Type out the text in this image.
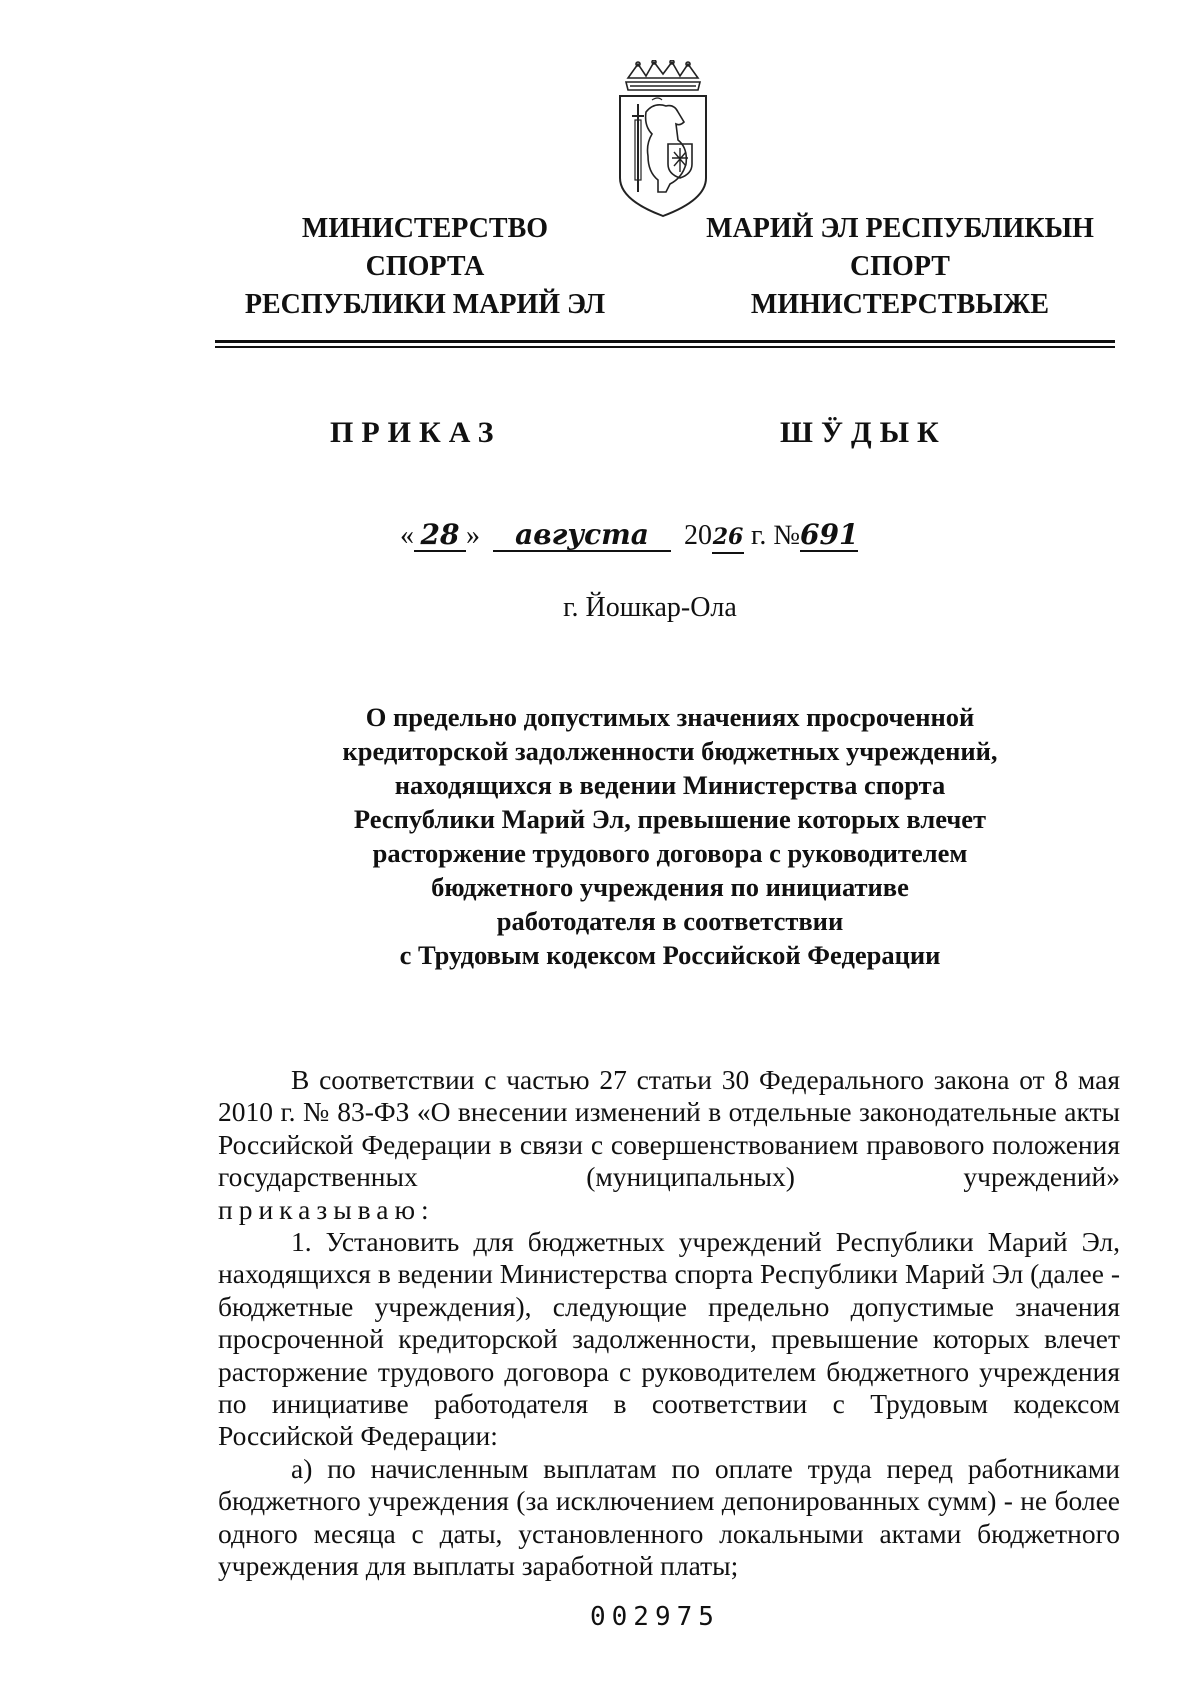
МИНИСТЕРСТВО
СПОРТА
РЕСПУБЛИКИ МАРИЙ ЭЛ
МАРИЙ ЭЛ РЕСПУБЛИКЫН
СПОРТ
МИНИСТЕРСТВЫЖЕ
ПРИКАЗ	ШӰДЫК
« 28 » августа 2026 г. №691
г. Йошкар-Ола
О предельно допустимых значениях просроченной
кредиторской задолженности бюджетных учреждений,
находящихся в ведении Министерства спорта
Республики Марий Эл, превышение которых влечет
расторжение трудового договора с руководителем
бюджетного учреждения по инициативе
работодателя в соответствии
с Трудовым кодексом Российской Федерации

В соответствии с частью 27 статьи 30 Федерального закона от 8 мая 2010 г. № 83-ФЗ «О внесении изменений в отдельные законодательные акты Российской Федерации в связи с совершенствованием правового положения государственных (муниципальных) учреждений»

приказываю:

1. Установить для бюджетных учреждений Республики Марий Эл, находящихся в ведении Министерства спорта Республики Марий Эл (далее - бюджетные учреждения), следующие предельно допустимые значения просроченной кредиторской задолженности, превышение которых влечет расторжение трудового договора с руководителем бюджетного учреждения по инициативе работодателя в соответствии с Трудовым кодексом Российской Федерации:

а) по начисленным выплатам по оплате труда перед работниками бюджетного учреждения (за исключением депонированных сумм) - не более одного месяца с даты, установленного локальными актами бюджетного учреждения для выплаты заработной платы;

002975
